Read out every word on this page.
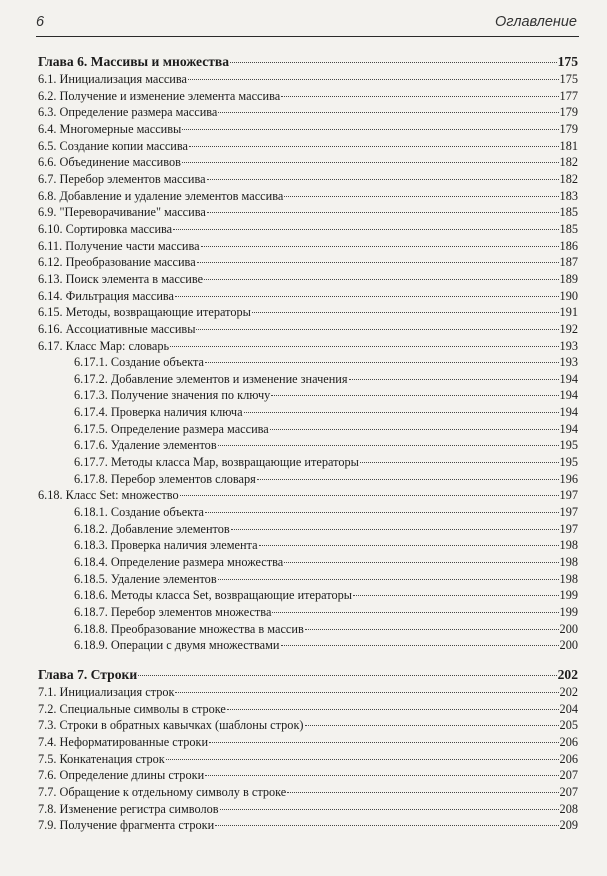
6	Оглавление
Глава 6. Массивы и множества	175
6.1. Инициализация массива	175
6.2. Получение и изменение элемента массива	177
6.3. Определение размера массива	179
6.4. Многомерные массивы	179
6.5. Создание копии массива	181
6.6. Объединение массивов	182
6.7. Перебор элементов массива	182
6.8. Добавление и удаление элементов массива	183
6.9. "Переворачивание" массива	185
6.10. Сортировка массива	185
6.11. Получение части массива	186
6.12. Преобразование массива	187
6.13. Поиск элемента в массиве	189
6.14. Фильтрация массива	190
6.15. Методы, возвращающие итераторы	191
6.16. Ассоциативные массивы	192
6.17. Класс Map: словарь	193
6.17.1. Создание объекта	193
6.17.2. Добавление элементов и изменение значения	194
6.17.3. Получение значения по ключу	194
6.17.4. Проверка наличия ключа	194
6.17.5. Определение размера массива	194
6.17.6. Удаление элементов	195
6.17.7. Методы класса Map, возвращающие итераторы	195
6.17.8. Перебор элементов словаря	196
6.18. Класс Set: множество	197
6.18.1. Создание объекта	197
6.18.2. Добавление элементов	197
6.18.3. Проверка наличия элемента	198
6.18.4. Определение размера множества	198
6.18.5. Удаление элементов	198
6.18.6. Методы класса Set, возвращающие итераторы	199
6.18.7. Перебор элементов множества	199
6.18.8. Преобразование множества в массив	200
6.18.9. Операции с двумя множествами	200
Глава 7. Строки	202
7.1. Инициализация строк	202
7.2. Специальные символы в строке	204
7.3. Строки в обратных кавычках (шаблоны строк)	205
7.4. Неформатированные строки	206
7.5. Конкатенация строк	206
7.6. Определение длины строки	207
7.7. Обращение к отдельному символу в строке	207
7.8. Изменение регистра символов	208
7.9. Получение фрагмента строки	209
